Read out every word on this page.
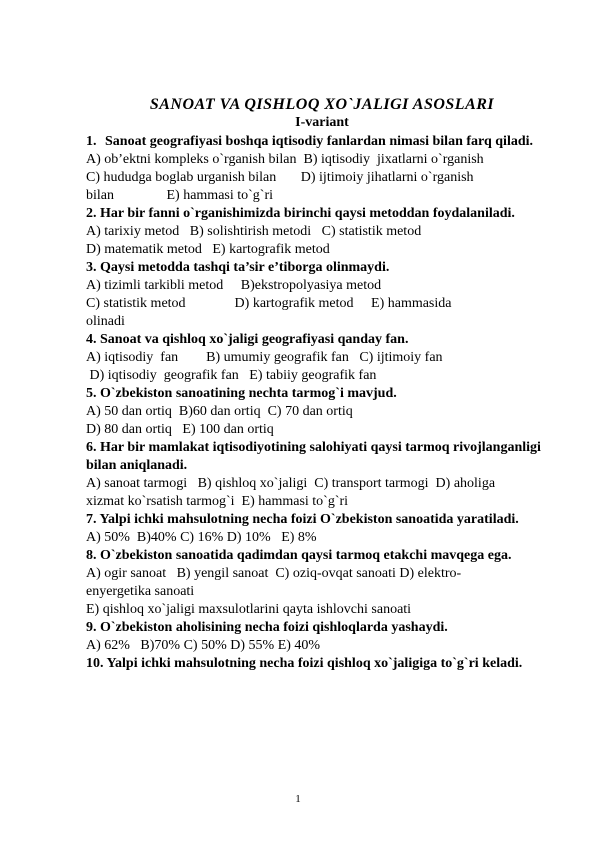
SANOAT VA QISHLOQ XO`JALIGI ASOSLARI
I-variant
1. Sanoat geografiyasi boshqa iqtisodiy fanlardan nimasi bilan farq qiladi.
A) ob’ektni kompleks o`rganish bilan  B) iqtisodiy  jixatlarni o`rganish
C) hududga boglab urganish bilan       D) ijtimoiy jihatlarni o`rganish
bilan               E) hammasi to`g`ri
2. Har bir fanni o`rganishimizda birinchi qaysi metoddan foydalaniladi.
A) tarixiy metod   B) solishtirish metodi   C) statistik metod
D) matematik metod   E) kartografik metod
3. Qaysi metodda tashqi ta’sir e’tiborga olinmaydi.
A) tizimli tarkibli metod     B)ekstropolyasiya metod
C) statistik metod              D) kartografik metod     E) hammasida
olinadi
4. Sanoat va qishloq xo`jaligi geografiyasi qanday fan.
A) iqtisodiy  fan        B) umumiy geografik fan   C) ijtimoiy fan
D) iqtisodiy  geografik fan   E) tabiiy geografik fan
5. O`zbekiston sanoatining nechta tarmog`i mavjud.
A) 50 dan ortiq  B)60 dan ortiq  C) 70 dan ortiq
D) 80 dan ortiq   E) 100 dan ortiq
6. Har bir mamlakat iqtisodiyotining salohiyati qaysi tarmoq rivojlanganligi bilan aniqlanadi.
A) sanoat tarmogi   B) qishloq xo`jaligi  C) transport tarmogi  D) aholiga
xizmat ko`rsatish tarmog`i  E) hammasi to`g`ri
7. Yalpi ichki mahsulotning necha foizi O`zbekiston sanoatida yaratiladi.
A) 50%  B)40% C) 16% D) 10%   E) 8%
8. O`zbekiston sanoatida qadimdan qaysi tarmoq etakchi mavqega ega.
A) ogir sanoat   B) yengil sanoat  C) oziq-ovqat sanoati D) elektro-
enyergetika sanoati
E) qishloq xo`jaligi maxsulotlarini qayta ishlovchi sanoati
9. O`zbekiston aholisining necha foizi qishloqlarda yashaydi.
A) 62%   B)70% C) 50% D) 55% E) 40%
10. Yalpi ichki mahsulotning necha foizi qishloq xo`jaligiga to`g`ri keladi.
1
